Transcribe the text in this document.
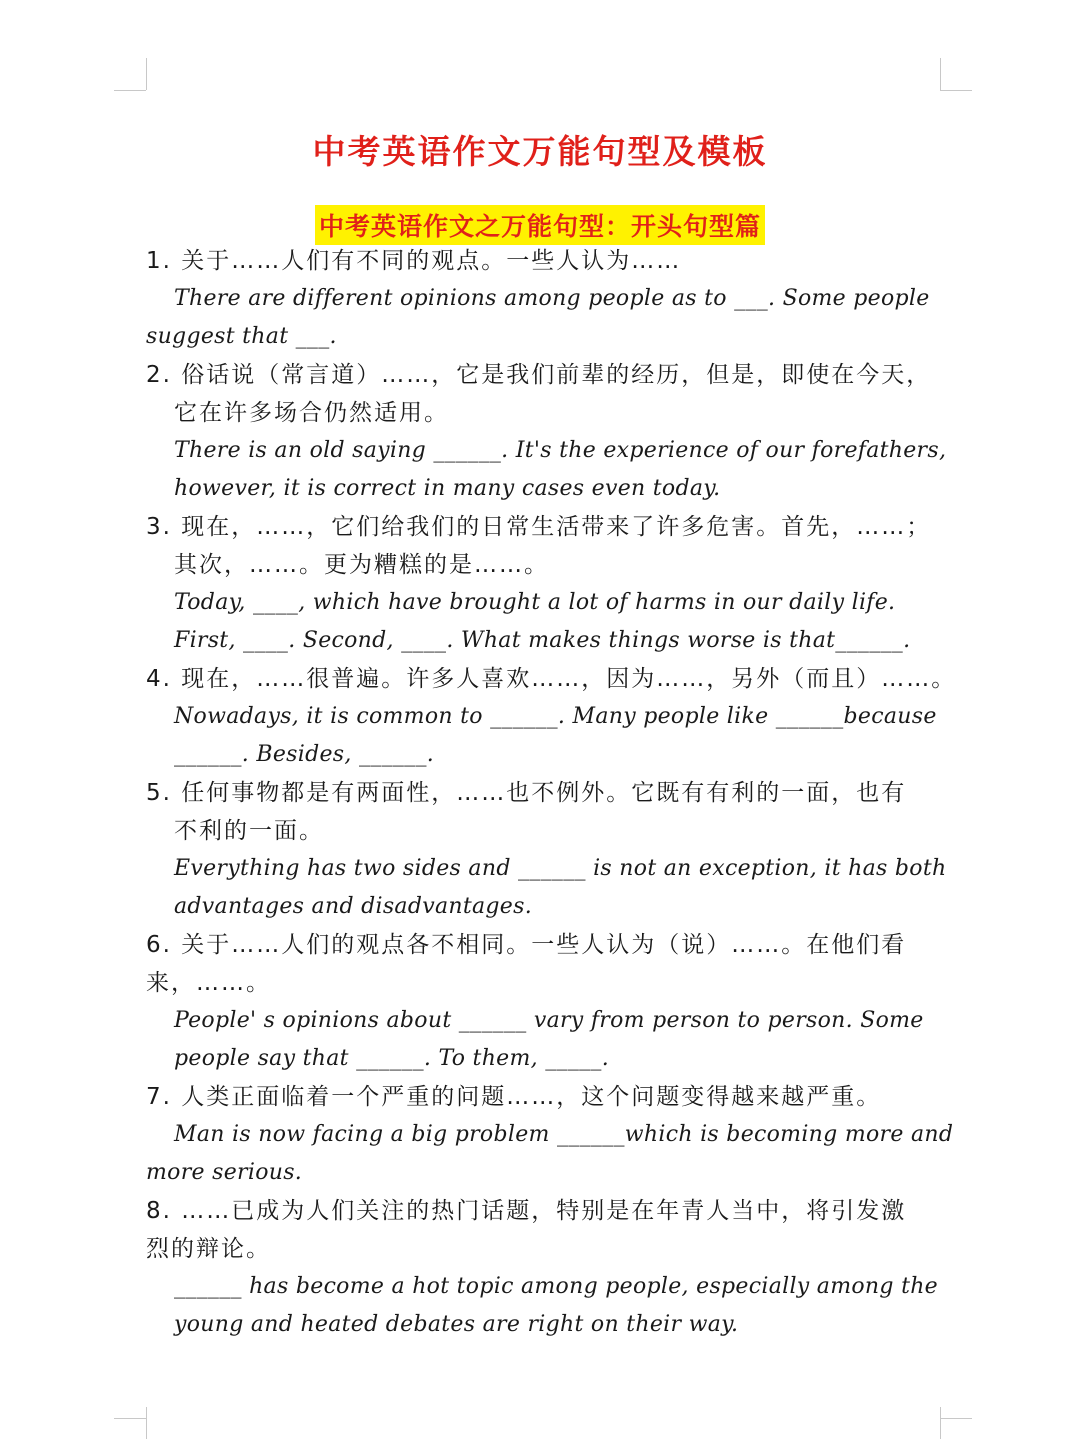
中考英语作文万能句型及模板
中考英语作文之万能句型：开头句型篇
1. 关于……人们有不同的观点。一些人认为……
There are different opinions among people as to ___. Some people
suggest that ___.
2. 俗话说（常言道）……，它是我们前辈的经历，但是，即使在今天，
它在许多场合仍然适用。
There is an old saying ______. It's the experience of our forefathers,
however, it is correct in many cases even today.
3. 现在，……，它们给我们的日常生活带来了许多危害。首先，……；
其次，……。更为糟糕的是……。
Today, ____, which have brought a lot of harms in our daily life.
First, ____. Second, ____. What makes things worse is that______.
4. 现在，……很普遍。许多人喜欢……，因为……，另外（而且）……。
Nowadays, it is common to ______. Many people like ______because
______. Besides, ______.
5. 任何事物都是有两面性，……也不例外。它既有有利的一面，也有
不利的一面。
Everything has two sides and ______ is not an exception, it has both
advantages and disadvantages.
6. 关于……人们的观点各不相同。一些人认为（说）……。在他们看
来，……。
People' s opinions about ______ vary from person to person. Some
people say that ______. To them, _____.
7. 人类正面临着一个严重的问题……，这个问题变得越来越严重。
Man is now facing a big problem ______which is becoming more and
more serious.
8. ……已成为人们关注的热门话题，特别是在年青人当中，将引发激
烈的辩论。
______ has become a hot topic among people, especially among the
young and heated debates are right on their way.
